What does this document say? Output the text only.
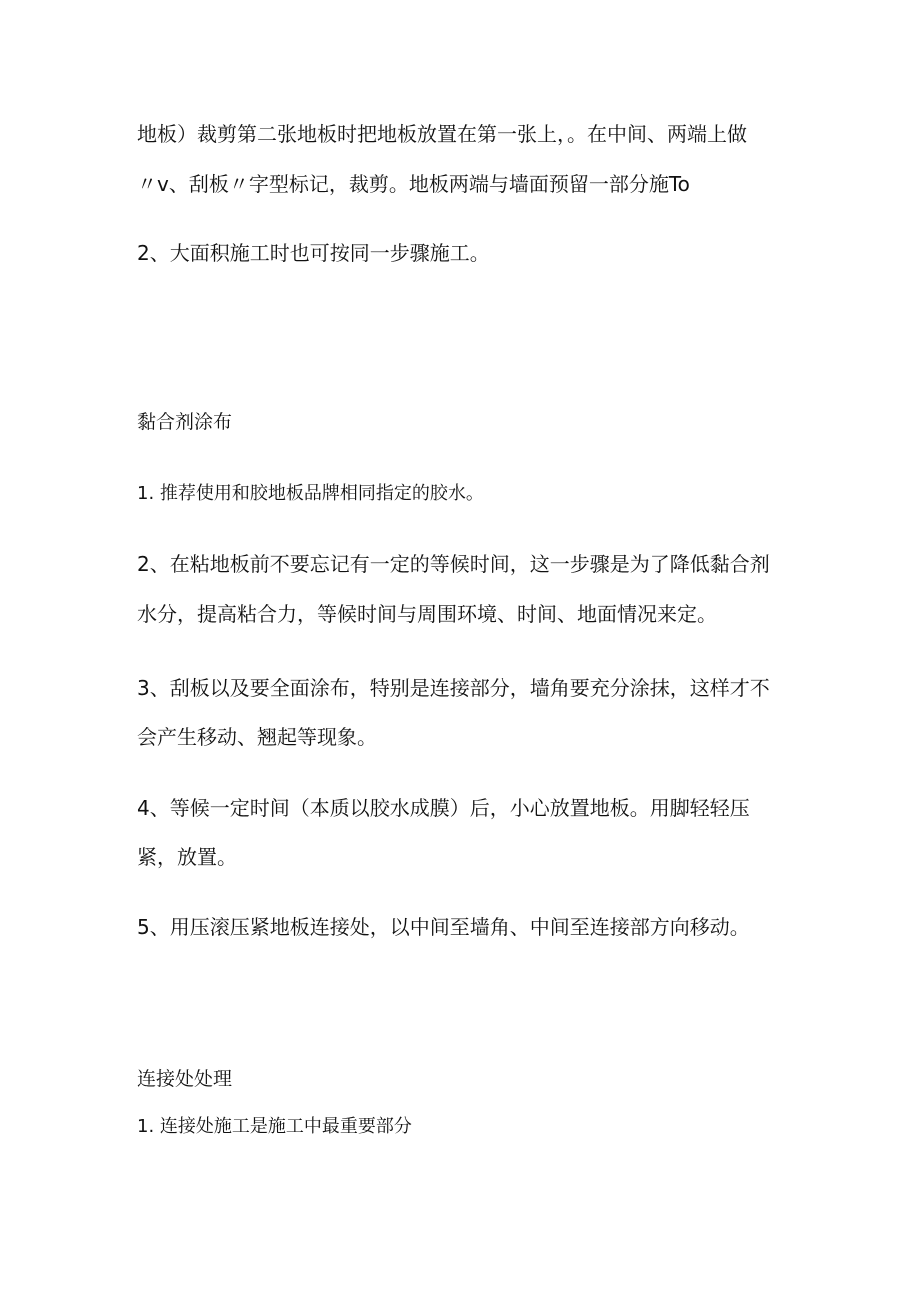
地板）裁剪第二张地板时把地板放置在第一张上，。在中间、两端上做
〃v、刮板〃字型标记，裁剪。地板两端与墙面预留一部分施To
2、大面积施工时也可按同一步骤施工。
黏合剂涂布
1. 推荐使用和胶地板品牌相同指定的胶水。
2、在粘地板前不要忘记有一定的等候时间，这一步骤是为了降低黏合剂
水分，提高粘合力，等候时间与周围环境、时间、地面情况来定。
3、刮板以及要全面涂布，特别是连接部分，墙角要充分涂抹，这样才不
会产生移动、翘起等现象。
4、等候一定时间（本质以胶水成膜）后，小心放置地板。用脚轻轻压
紧，放置。
5、用压滚压紧地板连接处，以中间至墙角、中间至连接部方向移动。
连接处处理
1. 连接处施工是施工中最重要部分
